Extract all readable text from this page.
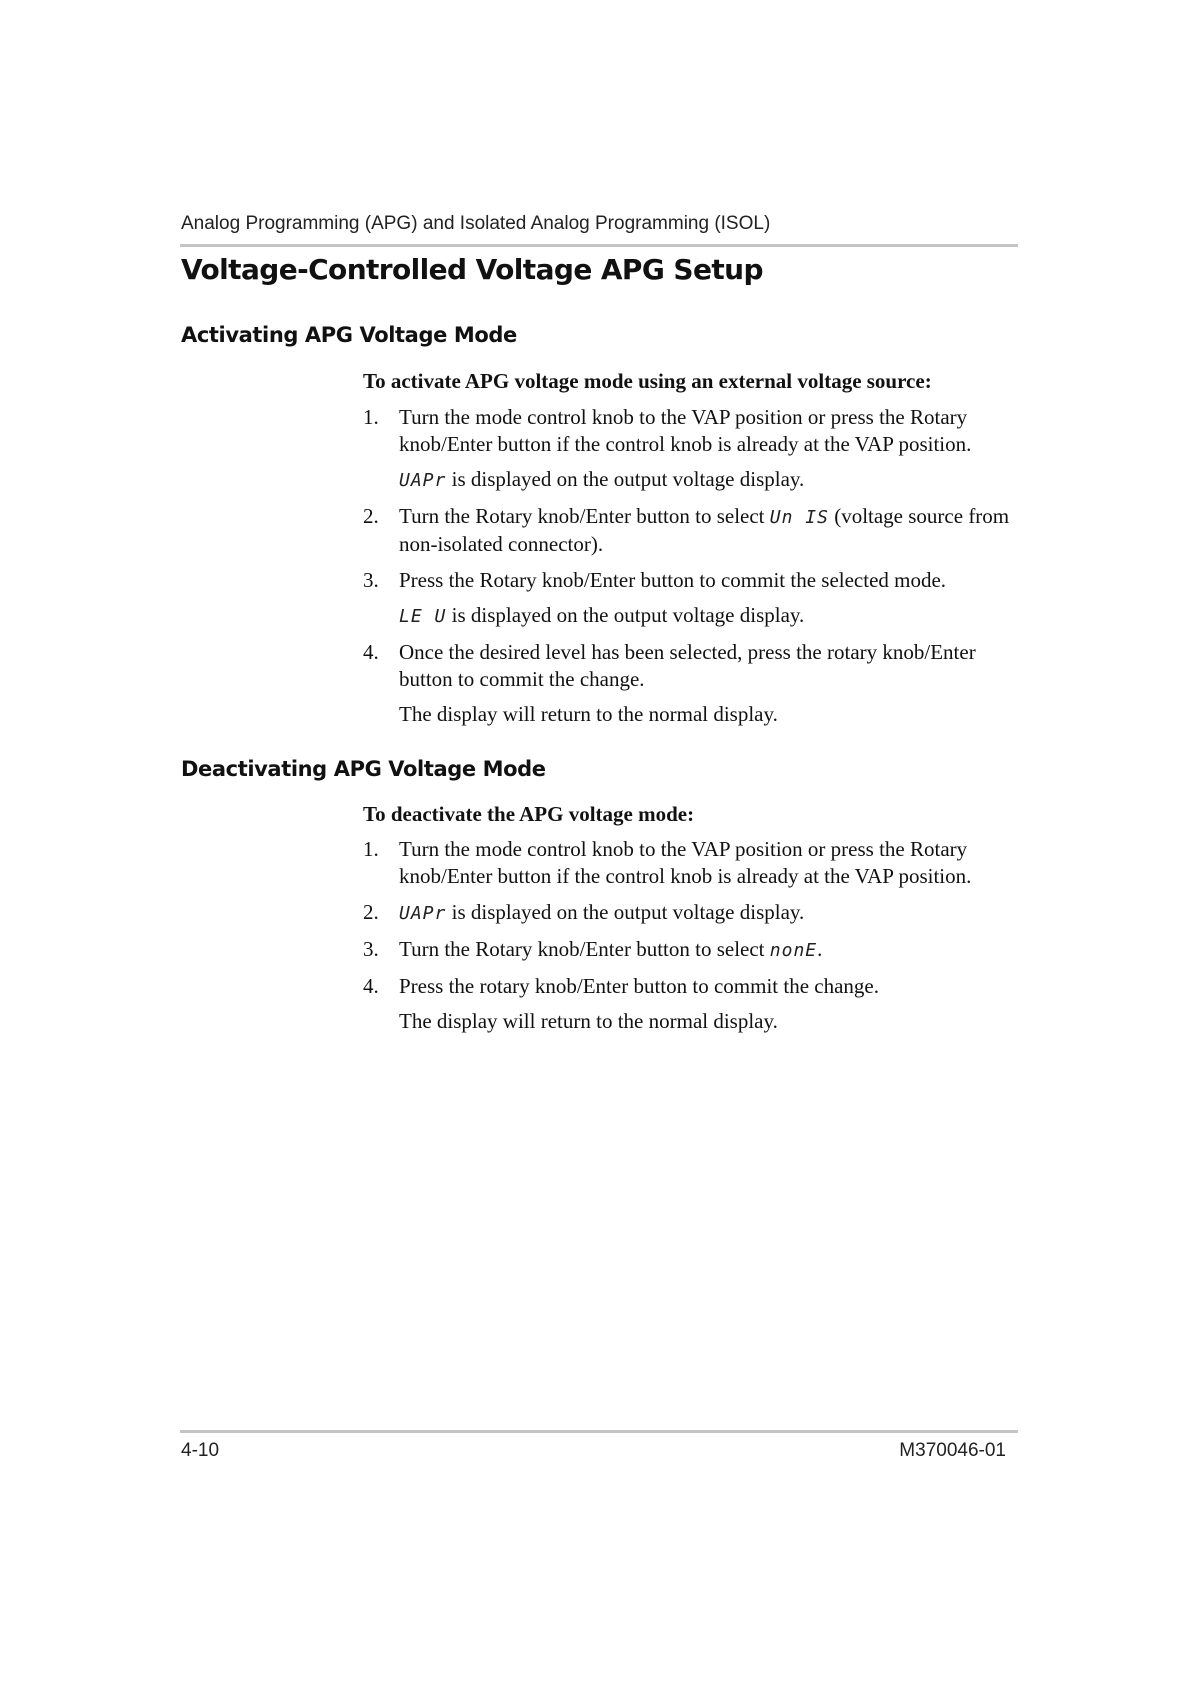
Analog Programming (APG) and Isolated Analog Programming (ISOL)
Voltage-Controlled Voltage APG Setup
Activating APG Voltage Mode
To activate APG voltage mode using an external voltage source:
1. Turn the mode control knob to the VAP position or press the Rotary knob/Enter button if the control knob is already at the VAP position.
UAPr is displayed on the output voltage display.
2. Turn the Rotary knob/Enter button to select Un IS (voltage source from non-isolated connector).
3. Press the Rotary knob/Enter button to commit the selected mode.
LE U is displayed on the output voltage display.
4. Once the desired level has been selected, press the rotary knob/Enter button to commit the change.
The display will return to the normal display.
Deactivating APG Voltage Mode
To deactivate the APG voltage mode:
1. Turn the mode control knob to the VAP position or press the Rotary knob/Enter button if the control knob is already at the VAP position.
2. UAPr is displayed on the output voltage display.
3. Turn the Rotary knob/Enter button to select nonE.
4. Press the rotary knob/Enter button to commit the change.
The display will return to the normal display.
4-10	M370046-01
